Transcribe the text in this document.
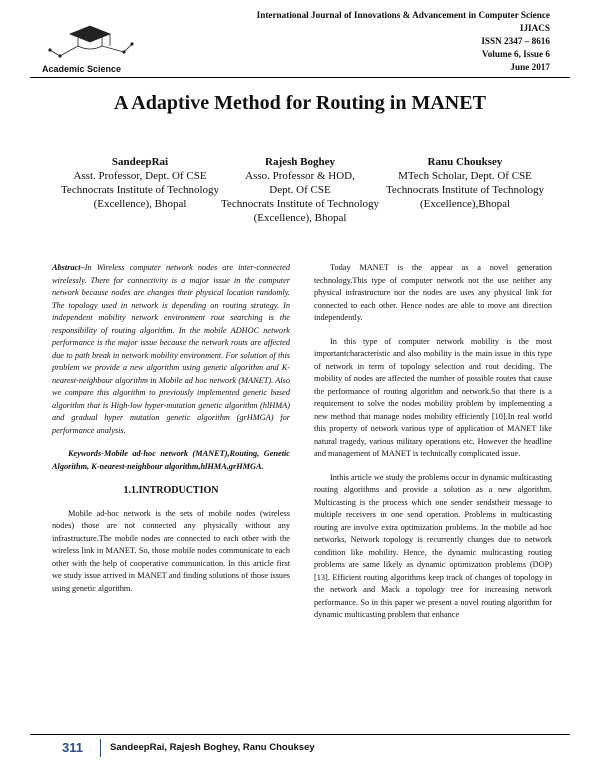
Academic Science
International Journal of Innovations & Advancement in Computer Science
IJIACS
ISSN 2347 – 8616
Volume 6, Issue 6
June 2017
A Adaptive Method for Routing in MANET
SandeepRai
Asst. Professor, Dept. Of CSE
Technocrats Institute of Technology
(Excellence), Bhopal
Rajesh Boghey
Asso. Professor & HOD,
Dept. Of CSE
Technocrats Institute of Technology
(Excellence), Bhopal
Ranu Chouksey
MTech Scholar, Dept. Of CSE
Technocrats Institute of Technology
(Excellence),Bhopal

Abstract–In Wireless computer network nodes are inter-connected wirelessly. There for connectivity is a major issue in the computer network because nodes are changes their physical location randomly. The topology used in network is depending on routing strategy. In independent mobility network environment rout searching is the responsibility of routing algorithm. In the mobile ADHOC network performance is the major issue because the network routs are affected due to path break in network mobility environment. For solution of this problem we provide a new algorithm using genetic algorithm and K-nearest-neighbour algorithm in Mobile ad hoc network (MANET). Also we compare this algorithm to previously implemented genetic based algorithm that is High-low hyper-mutation genetic algorithm (hlHMA) and gradual hyper mutation genetic algorithm (grHMGA) for performance analysis.

Keywords-Mobile ad-hoc network (MANET),Routing, Genetic Algorithm, K-nearest-neighbour algorithm,hlHMA,grHMGA.

1.1.INTRODUCTION

Mobile ad-hoc network is the sets of mobile nodes (wireless nodes) those are not connected any physically without any infrastructure.The mobile nodes are connected to each other with the wireless link in MANET. So, those mobile nodes communicate to each other with the help of cooperative communication. In this article first we study issue arrived in MANET and finding solutions of those issues using genetic algorithm.

Today MANET is the appear as a novel generation technology.This type of computer network not the use neither any physical infrastructure nor the nodes are uses any physical link for connected to each other. Hence nodes are able to move ant direction independently.

In this type of computer network mobility is the most importantcharacteristic and also mobility is the main issue in this type of network in term of topology selection and rout deciding. The mobility of nodes are affected the number of possible routes that cause the performance of routing algorithm and network.So that there is a requirement to solve the nodes mobility problem by implementing a new method that manage nodes mobility efficiently [10].In real world this property of network various type of application of MANET like natural tragedy, various military operations etc. However the headline and management of MANET is technically complicated issue.

Inthis article we study the problems occur in dynamic multicasting routing algorithms and provide a solution as a new algorithm. Multicasting is the process which one sender sendstheir message to multiple receivers in one send operation. Problems in multicasting routing are involve extra optimization problems. In the mobile ad hoc networks, Network topology is recurrently changes due to network condition like mobility. Hence, the dynamic multicasting routing problems are same likely as dynamic optimization problems (DOP) [13]. Efficient routing algorithms keep track of changes of topology in the network and Mack a topology tree for increasing network performance. So in this paper we present a novel routing algorithm for dynamic multicasting problem that enhance

311	SandeepRai, Rajesh Boghey, Ranu Chouksey
